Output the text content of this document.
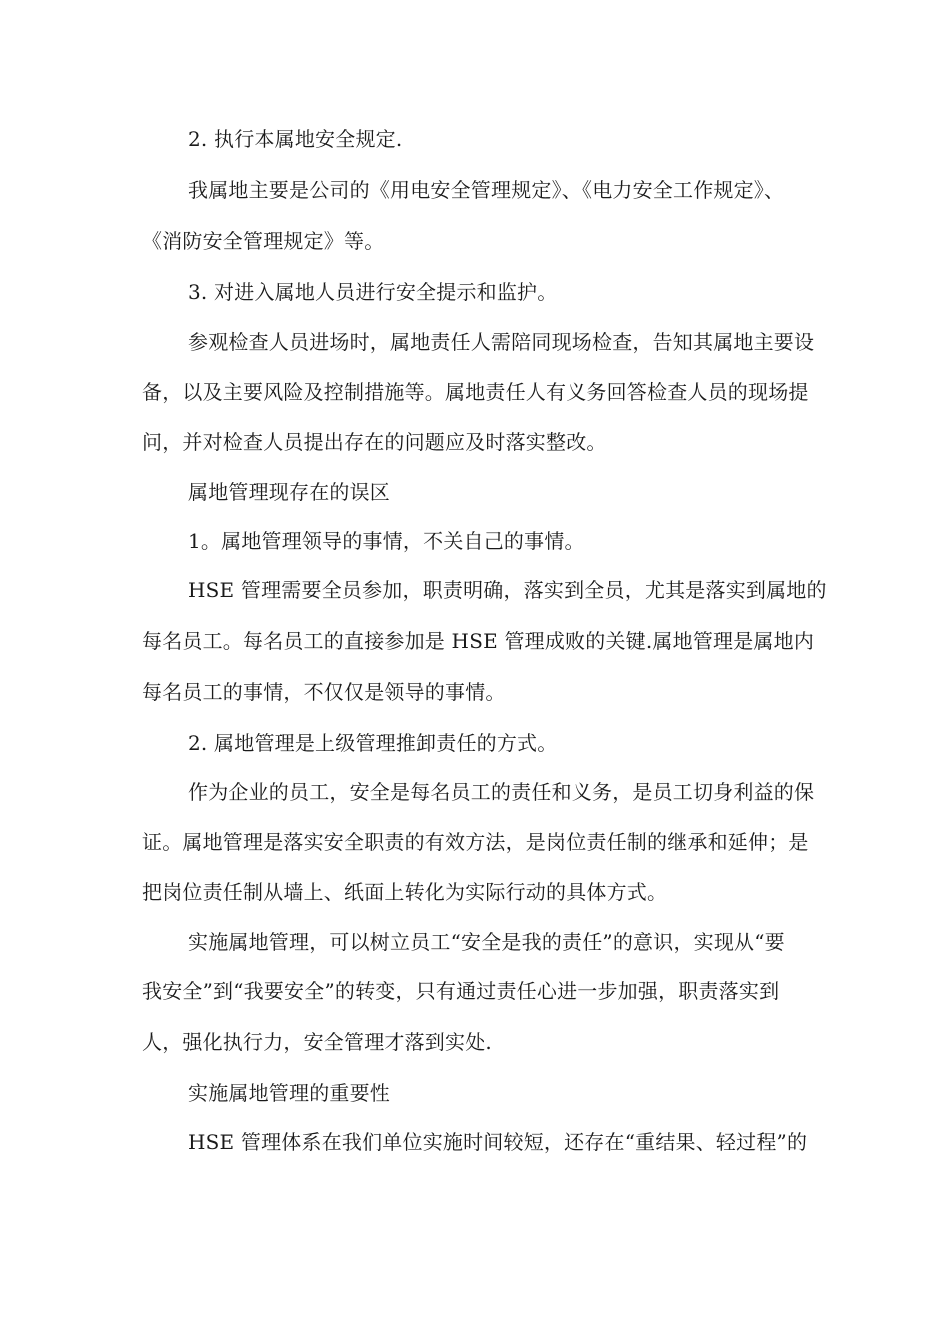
2. 执行本属地安全规定.
我属地主要是公司的《用电安全管理规定》、《电力安全工作规定》、
《消防安全管理规定》等。
3. 对进入属地人员进行安全提示和监护。
参观检查人员进场时，属地责任人需陪同现场检查，告知其属地主要设
备，以及主要风险及控制措施等。属地责任人有义务回答检查人员的现场提
问，并对检查人员提出存在的问题应及时落实整改。
属地管理现存在的误区
1。属地管理领导的事情，不关自己的事情。
HSE 管理需要全员参加，职责明确，落实到全员，尤其是落实到属地的
每名员工。每名员工的直接参加是 HSE 管理成败的关键.属地管理是属地内
每名员工的事情，不仅仅是领导的事情。
2. 属地管理是上级管理推卸责任的方式。
作为企业的员工，安全是每名员工的责任和义务，是员工切身利益的保
证。属地管理是落实安全职责的有效方法，是岗位责任制的继承和延伸；是
把岗位责任制从墙上、纸面上转化为实际行动的具体方式。
实施属地管理，可以树立员工“安全是我的责任”的意识，实现从“要
我安全”到“我要安全”的转变，只有通过责任心进一步加强，职责落实到
人，强化执行力，安全管理才落到实处.
实施属地管理的重要性
HSE 管理体系在我们单位实施时间较短，还存在“重结果、轻过程”的
